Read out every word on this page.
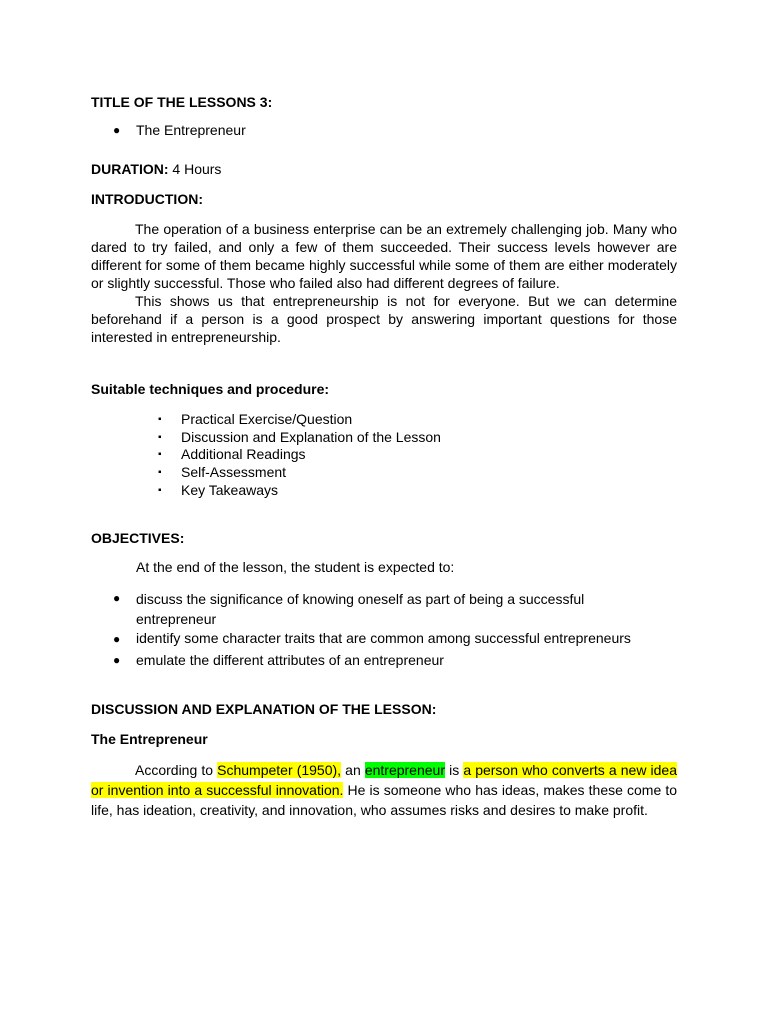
TITLE OF THE LESSONS 3:
● The Entrepreneur
DURATION: 4 Hours
INTRODUCTION:

The operation of a business enterprise can be an extremely challenging job. Many who dared to try failed, and only a few of them succeeded. Their success levels however are different for some of them became highly successful while some of them are either moderately or slightly successful. Those who failed also had different degrees of failure.

This shows us that entrepreneurship is not for everyone. But we can determine beforehand if a person is a good prospect by answering important questions for those interested in entrepreneurship.

Suitable techniques and procedure:
▪ Practical Exercise/Question
▪ Discussion and Explanation of the Lesson
▪ Additional Readings
▪ Self-Assessment
▪ Key Takeaways
OBJECTIVES:
At the end of the lesson, the student is expected to:
● discuss the significance of knowing oneself as part of being a successful entrepreneur
● identify some character traits that are common among successful entrepreneurs
● emulate the different attributes of an entrepreneur
DISCUSSION AND EXPLANATION OF THE LESSON:
The Entrepreneur

According to Schumpeter (1950), an entrepreneur is a person who converts a new idea or invention into a successful innovation. He is someone who has ideas, makes these come to life, has ideation, creativity, and innovation, who assumes risks and desires to make profit.
